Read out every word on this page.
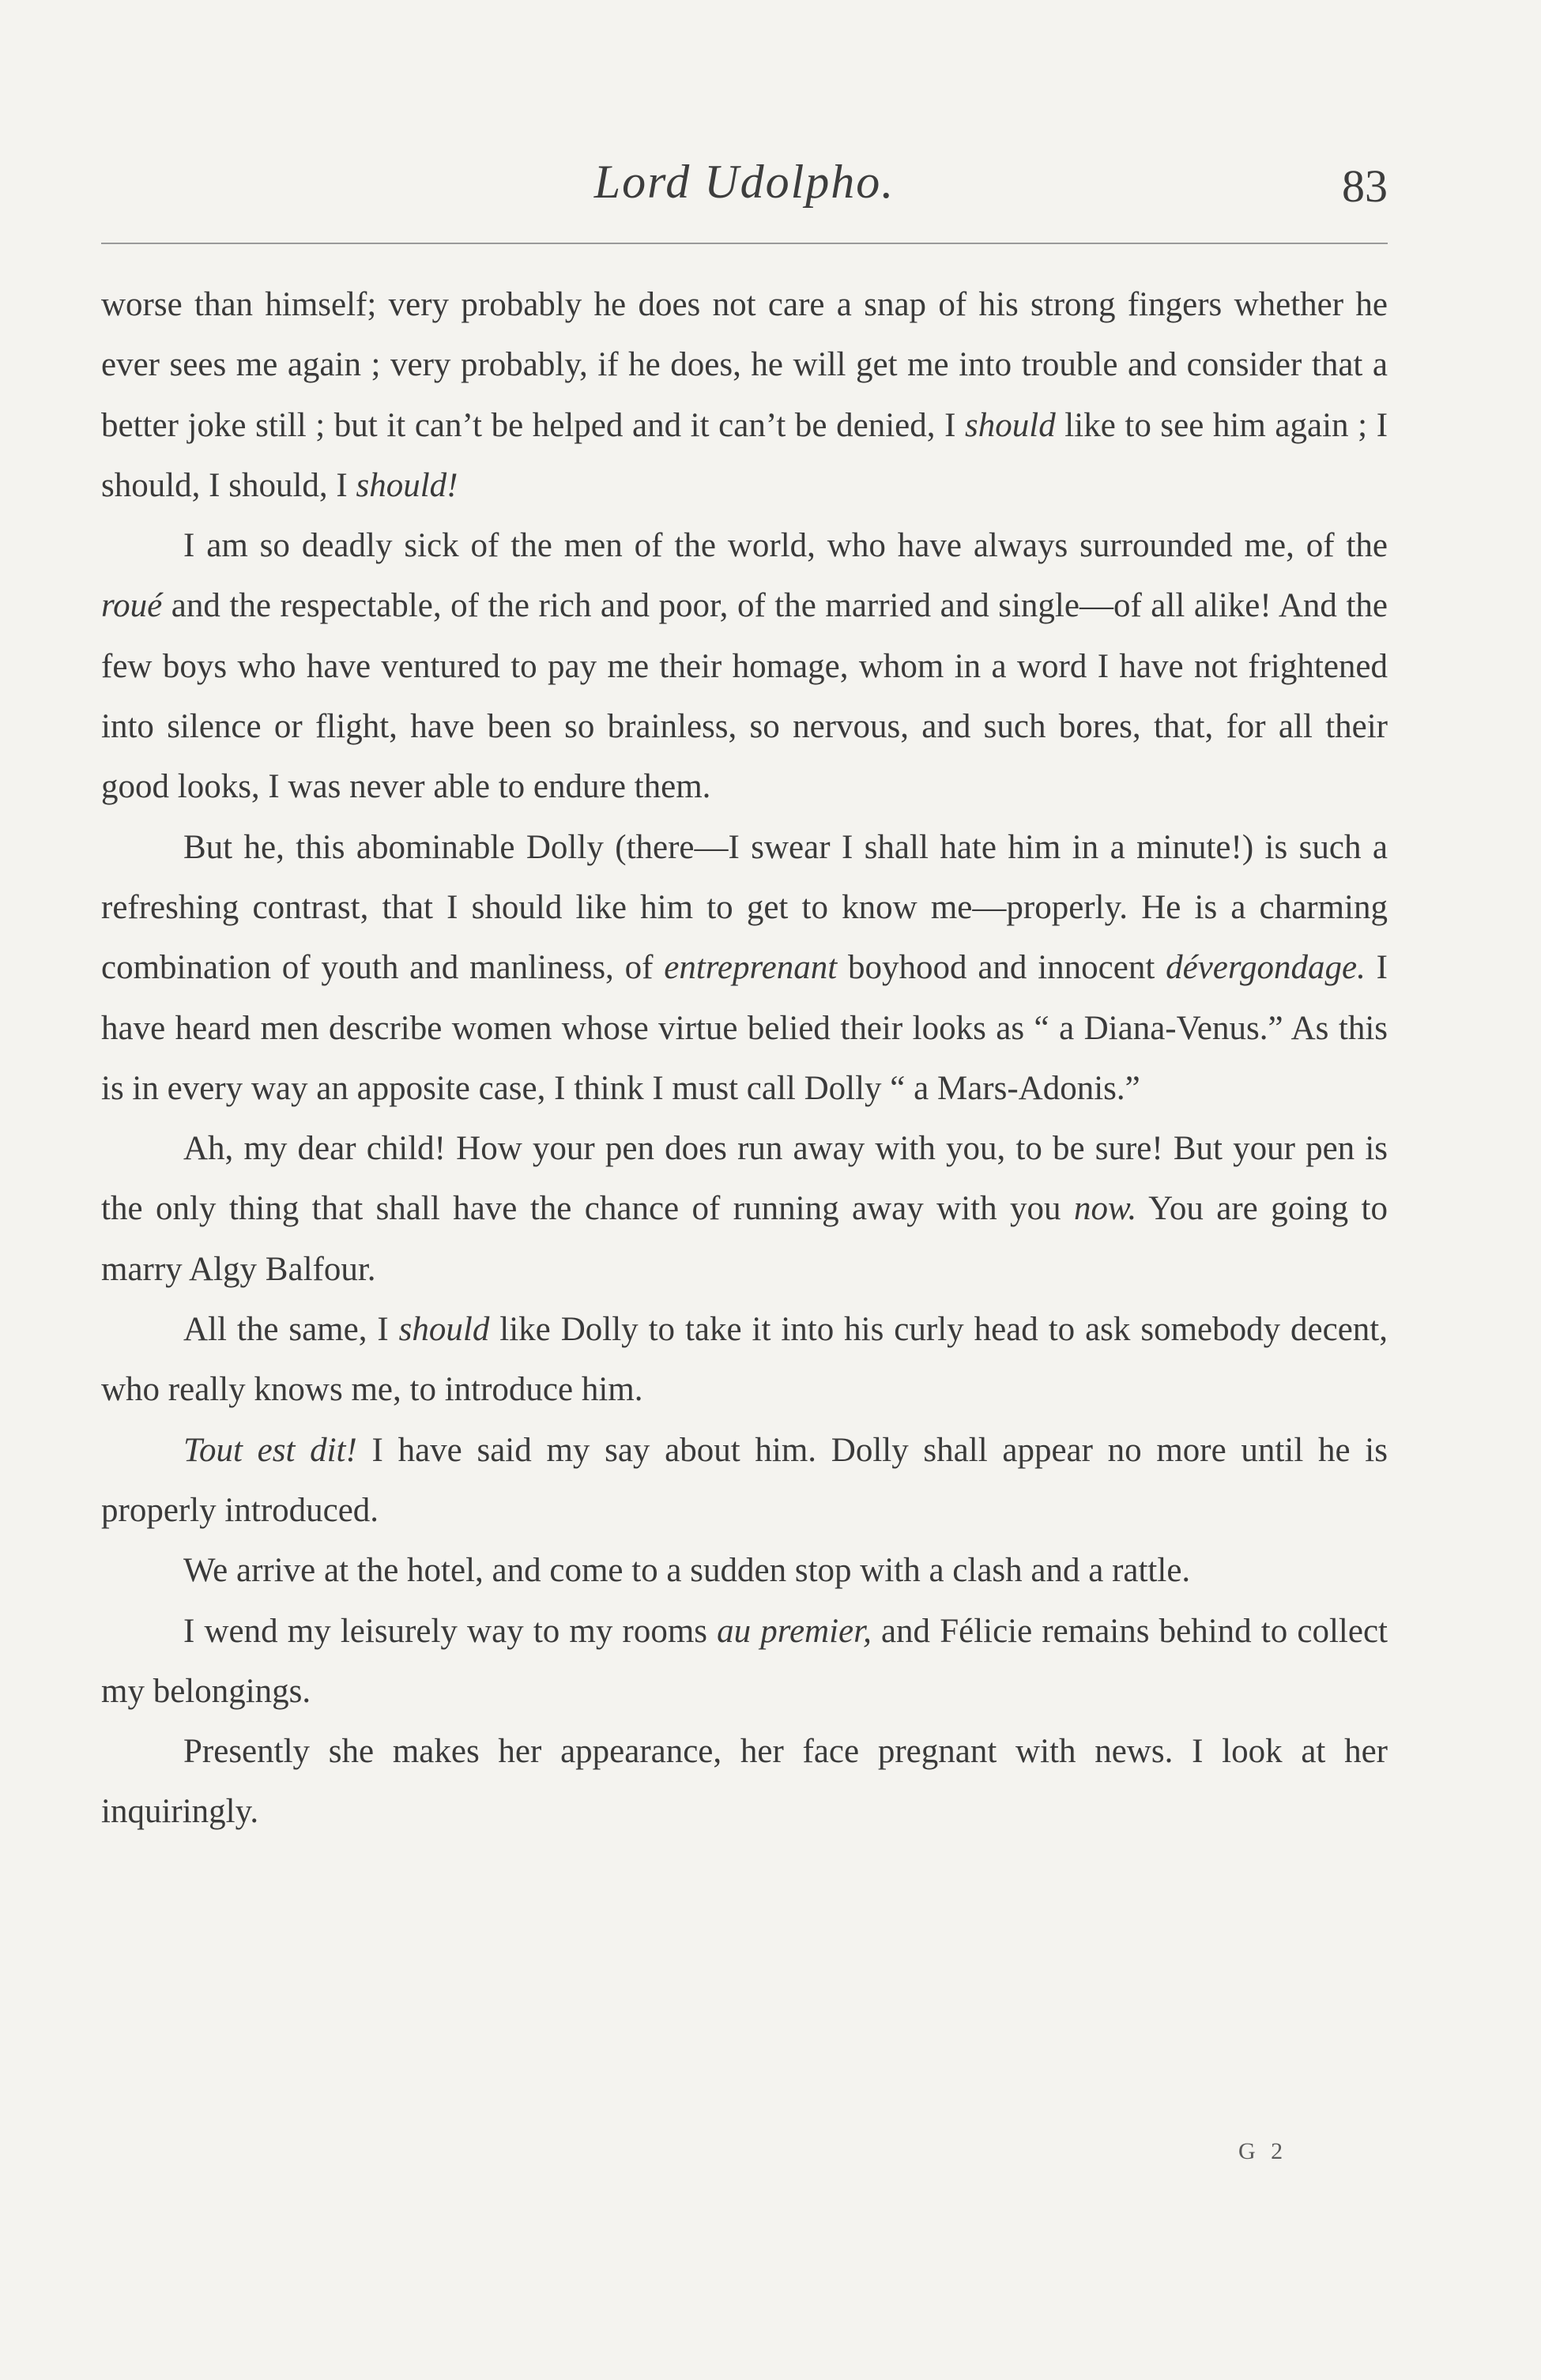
Lord Udolpho.	83

worse than himself; very probably he does not care a snap of his strong fingers whether he ever sees me again ; very probably, if he does, he will get me into trouble and consider that a better joke still ; but it can’t be helped and it can’t be denied, I should like to see him again ; I should, I should, I should!

I am so deadly sick of the men of the world, who have always surrounded me, of the roué and the respectable, of the rich and poor, of the married and single—of all alike! And the few boys who have ventured to pay me their homage, whom in a word I have not frightened into silence or flight, have been so brainless, so nervous, and such bores, that, for all their good looks, I was never able to endure them.

But he, this abominable Dolly (there—I swear I shall hate him in a minute!) is such a refreshing contrast, that I should like him to get to know me—properly. He is a charming combination of youth and manliness, of entreprenant boyhood and innocent dévergondage. I have heard men describe women whose virtue belied their looks as “ a Diana-Venus.” As this is in every way an apposite case, I think I must call Dolly “ a Mars-Adonis.”

Ah, my dear child! How your pen does run away with you, to be sure! But your pen is the only thing that shall have the chance of running away with you now. You are going to marry Algy Balfour.

All the same, I should like Dolly to take it into his curly head to ask somebody decent, who really knows me, to introduce him.

Tout est dit! I have said my say about him. Dolly shall appear no more until he is properly introduced.

We arrive at the hotel, and come to a sudden stop with a clash and a rattle.

I wend my leisurely way to my rooms au premier, and Félicie remains behind to collect my belongings.

Presently she makes her appearance, her face pregnant with news. I look at her inquiringly.

G 2
